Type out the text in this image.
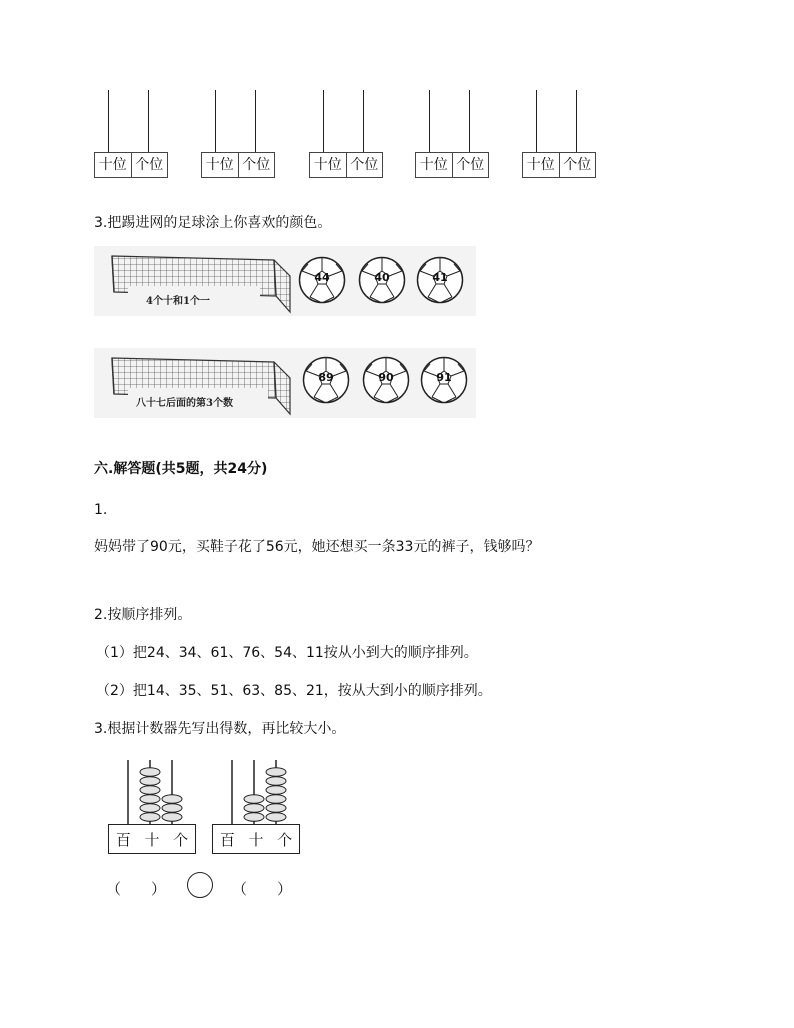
十位 个位	十位 个位	十位 个位	十位 个位	十位 个位
3.把踢进网的足球涂上你喜欢的颜色。
4个十和1个一
44	40	41
八十七后面的第3个数
89	90	91
六.解答题(共5题，共24分)
1.
妈妈带了90元，买鞋子花了56元，她还想买一条33元的裤子，钱够吗？
2.按顺序排列。
（1）把24、34、61、76、54、11按从小到大的顺序排列。
（2）把14、35、51、63、85、21，按从大到小的顺序排列。
3.根据计数器先写出得数，再比较大小。
百 十 个 百 十 个
（　　）	（　　）
